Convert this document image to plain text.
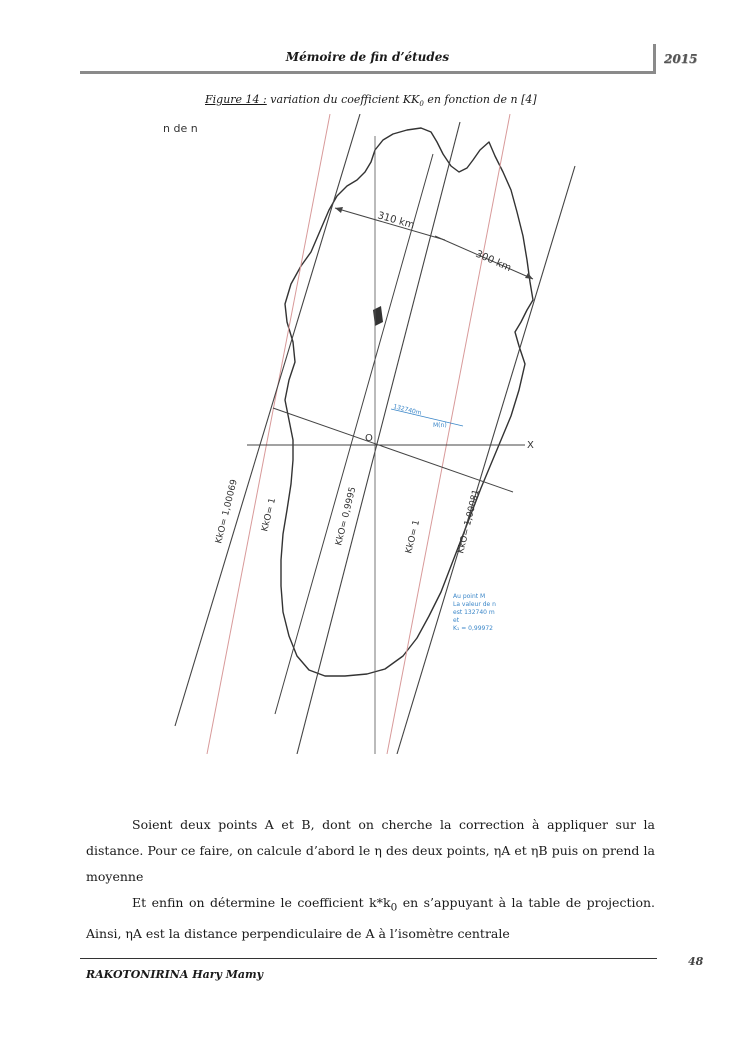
Mémoire de fin d’études	2015
Figure 14 : variation du coefficient $KK_0$ en fonction de n [4]
n de n
310 km
300 km
O
X
132740m
M(n)
KkO= 1,00069 KkO= 1	KkO= 0,9995	KkO= 1	KkO= 1,00081
Au point M
La valeur de n
est 132740 m
et
K₁ = 0,99972

Soient deux points A et B, dont on cherche la correction à appliquer sur la distance. Pour ce faire, on calcule d’abord le η des deux points, ηA et ηB puis on prend la moyenne

Et enfin on détermine le coefficient $k*k_0$ en s’appuyant à la table de projection. Ainsi, ηA est la distance perpendiculaire de A à l’isomètre centrale

RAKOTONIRINA Hary Mamy
48
